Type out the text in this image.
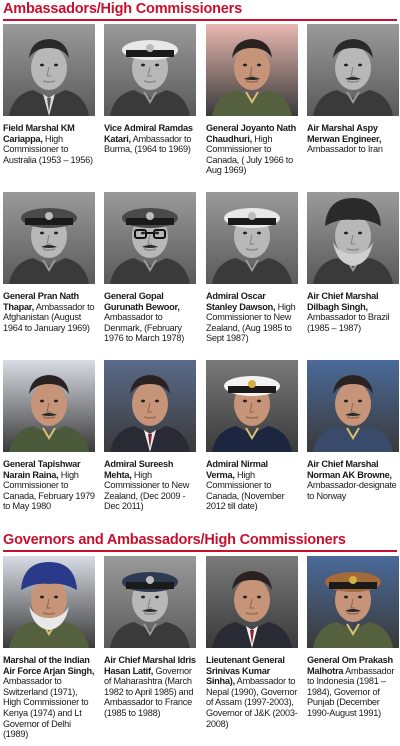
Ambassadors/High Commissioners
Field Marshal KM Cariappa, High Commissioner to Australia (1953 – 1956)
Vice Admiral Ramdas Katari, Ambassador to Burma, (1964 to 1969)
General Joyanto Nath Chaudhuri, High Commissioner to Canada, ( July 1966 to Aug 1969)
Air Marshal Aspy Merwan Engineer, Ambassador to Iran
General Pran Nath Thapar, Ambassador to Afghanistan (August 1964 to January 1969)
General Gopal Gurunath Bewoor, Ambassador to Denmark, (February 1976 to March 1978)
Admiral Oscar Stanley Dawson, High Commissioner to New Zealand, (Aug 1985 to Sept 1987)
Air Chief Marshal Dilbagh Singh, Ambassador to Brazil (1985 – 1987)
General Tapishwar Narain Raina, High Commissioner to Canada, February 1979 to May 1980
Admiral Sureesh Mehta, High Commissioner to New Zealand, (Dec 2009 - Dec 2011)
Admiral Nirmal Verma, High Commissioner to Canada, (November 2012 till date)
Air Chief Marshal Norman AK Browne, Ambassador-designate to Norway
Governors and Ambassadors/High Commissioners
Marshal of the Indian Air Force Arjan Singh, Ambassador to Switzerland (1971), High Commissioner to Kenya (1974) and Lt Governor of Delhi (1989)
Air Chief Marshal Idris Hasan Latif, Governor of Maharashtra (March 1982 to April 1985) and Ambassador to France (1985 to 1988)
Lieutenant General Srinivas Kumar Sinha), Ambassador to Nepal (1990), Governor of Assam (1997-2003), Governor of J&K (2003-2008)
General Om Prakash Malhotra Ambassador to Indonesia (1981 – 1984), Governor of Punjab (December 1990-August 1991)
